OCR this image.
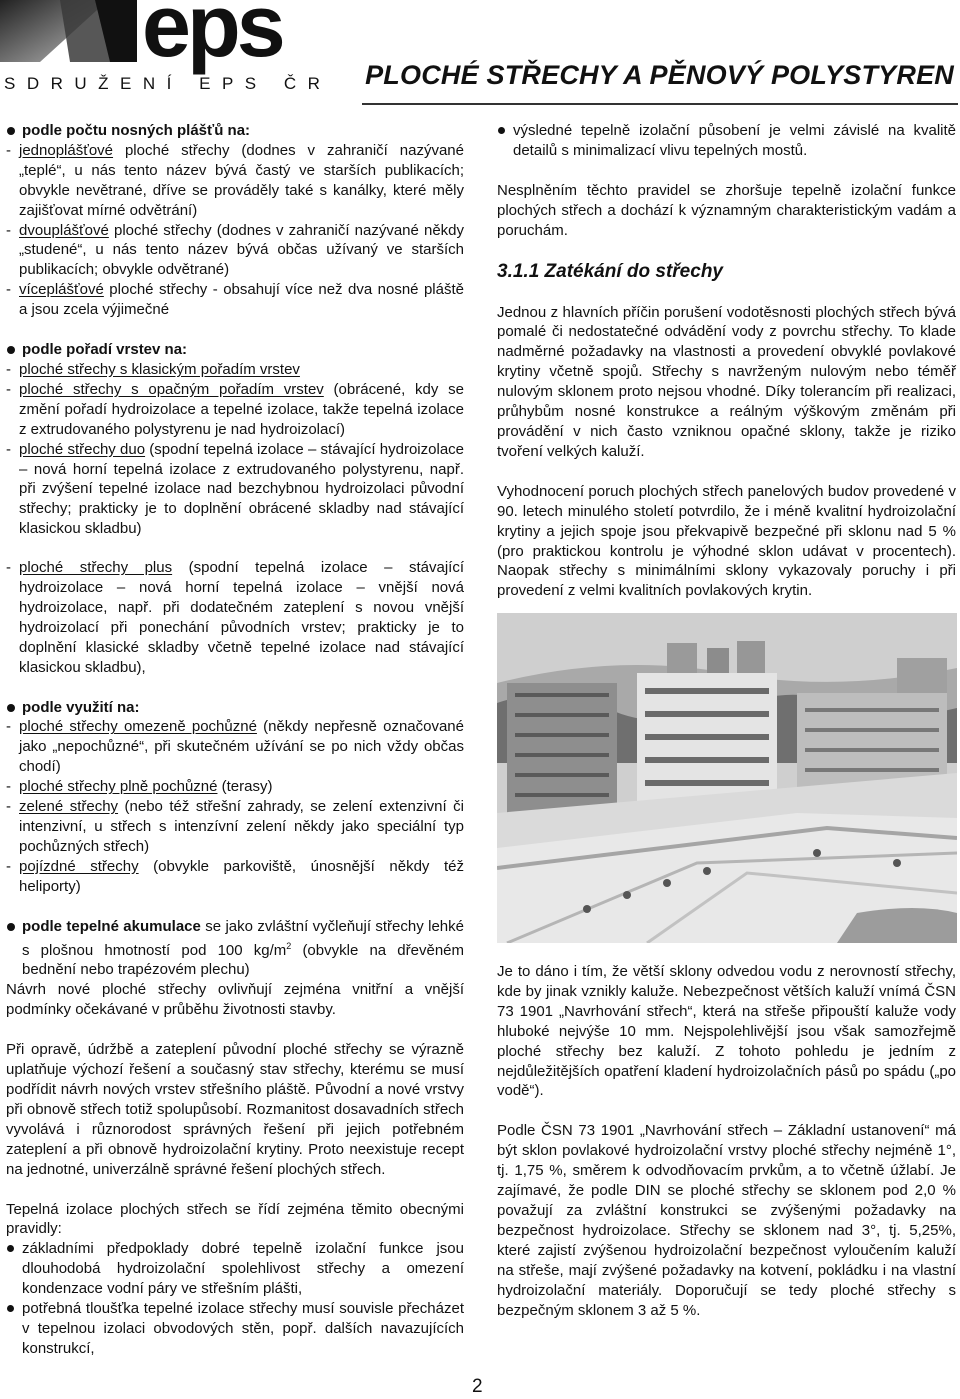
eps
SDRUŽENÍ EPS ČR PLOCHÉ STŘECHY A PĚNOVÝ POLYSTYREN

podle počtu nosných plášťů na:

- jednoplášťové ploché střechy (dodnes v zahraničí nazývané „teplé“, u nás tento název bývá častý ve starších publikacích; obvykle nevětrané, dříve se prováděly také s kanálky, které měly zajišťovat mírné odvětrání)

- dvouplášťové ploché střechy (dodnes v zahraničí nazývané někdy „studené“, u nás tento název bývá občas užívaný ve starších publikacích; obvykle odvětrané)

- víceplášťové ploché střechy - obsahují více než dva nosné pláště a jsou zcela výjimečné

podle pořadí vrstev na:

- ploché střechy s klasickým pořadím vrstev

- ploché střechy s opačným pořadím vrstev (obrácené, kdy se změní pořadí hydroizolace a tepelné izolace, takže tepelná izolace z extrudovaného polystyrenu je nad hydroizolací)

- ploché střechy duo (spodní tepelná izolace – stávající hydroizolace – nová horní tepelná izolace z extrudovaného polystyrenu, např. při zvýšení tepelné izolace nad bezchybnou hydroizolaci původní střechy; prakticky je to doplnění obrácené skladby nad stávající klasickou skladbu)

- ploché střechy plus (spodní tepelná izolace – stávající hydroizolace – nová horní tepelná izolace – vnější nová hydroizolace, např. při dodatečném zateplení s novou vnější hydroizolací při ponechání původních vrstev; prakticky je to doplnění klasické skladby včetně tepelné izolace nad stávající klasickou skladbu),

podle využití na:

- ploché střechy omezeně pochůzné (někdy nepřesně označované jako „nepochůzné“, při skutečném užívání se po nich vždy občas chodí)

- ploché střechy plně pochůzné (terasy)

- zelené střechy (nebo též střešní zahrady, se zelení extenzivní či intenzivní, u střech s intenzívní zelení někdy jako speciální typ pochůzných střech)

- pojízdné střechy (obvykle parkoviště, únosnější někdy též heliporty)

podle tepelné akumulace se jako zvláštní vyčleňují střechy lehké s plošnou hmotností pod 100 $kg/m^2$ (obvykle na dřevěném bednění nebo trapézovém plechu)

Návrh nové ploché střechy ovlivňují zejména vnitřní a vnější podmínky očekávané v průběhu životnosti stavby.

Při opravě, údržbě a zateplení původní ploché střechy se výrazně uplatňuje výchozí řešení a současný stav střechy, kterému se musí podřídit návrh nových vrstev střešního pláště. Původní a nové vrstvy při obnově střech totiž spolupůsobí. Rozmanitost dosavadních střech vyvolává i různorodost správných řešení při jejich potřebném zateplení a při obnově hydroizolační krytiny. Proto neexistuje recept na jednotné, univerzálně správné řešení plochých střech.

Tepelná izolace plochých střech se řídí zejména těmito obecnými pravidly:

základními předpoklady dobré tepelně izolační funkce jsou dlouhodobá hydroizolační spolehlivost střechy a omezení kondenzace vodní páry ve střešním plášti,

potřebná tloušťka tepelné izolace střechy musí souvisle přecházet v tepelnou izolaci obvodových stěn, popř. dalších navazujících konstrukcí,

výsledné tepelně izolační působení je velmi závislé na kvalitě detailů s minimalizací vlivu tepelných mostů.

Nesplněním těchto pravidel se zhoršuje tepelně izolační funkce plochých střech a dochází k významným charakteristickým vadám a poruchám.

3.1.1 Zatékání do střechy

Jednou z hlavních příčin porušení vodotěsnosti plochých střech bývá pomalé či nedostatečné odvádění vody z povrchu střechy. To klade nadměrné požadavky na vlastnosti a provedení obvyklé povlakové krytiny včetně spojů. Střechy s navrženým nulovým nebo téměř nulovým sklonem proto nejsou vhodné. Díky tolerancím při realizaci, průhybům nosné konstrukce a reálným výškovým změnám při provádění v nich často vzniknou opačné sklony, takže je riziko tvoření velkých kaluží.

Vyhodnocení poruch plochých střech panelových budov provedené v 90. letech minulého století potvrdilo, že i méně kvalitní hydroizolační krytiny a jejich spoje jsou překvapivě bezpečné při sklonu nad 5 % (pro praktickou kontrolu je výhodné sklon udávat v procentech). Naopak střechy s minimálními sklony vykazovaly poruchy i při provedení z velmi kvalitních povlakových krytin.

Je to dáno i tím, že větší sklony odvedou vodu z nerovností střechy, kde by jinak vznikly kaluže. Nebezpečnost větších kaluží vnímá ČSN 73 1901 „Navrhování střech“, která na střeše připouští kaluže vody hluboké nejvýše 10 mm. Nejspolehlivější jsou však samozřejmě ploché střechy bez kaluží. Z tohoto pohledu je jedním z nejdůležitějších opatření kladení hydroizolačních pásů po spádu („po vodě“).

Podle ČSN 73 1901 „Navrhování střech – Základní ustanovení“ má být sklon povlakové hydroizolační vrstvy ploché střechy nejméně 1°, tj. 1,75 %, směrem k odvodňovacím prvkům, a to včetně úžlabí. Je zajímavé, že podle DIN se ploché střechy se sklonem pod 2,0 % považují za zvláštní konstrukci se zvýšenými požadavky na bezpečnost hydroizolace. Střechy se sklonem nad 3°, tj. 5,25%, které zajistí zvýšenou hydroizolační bezpečnost vyloučením kaluží na střeše, mají zvýšené požadavky na kotvení, pokládku i na vlastní hydroizolační materiály. Doporučují se tedy ploché střechy s bezpečným sklonem 3 až 5 %.

2
